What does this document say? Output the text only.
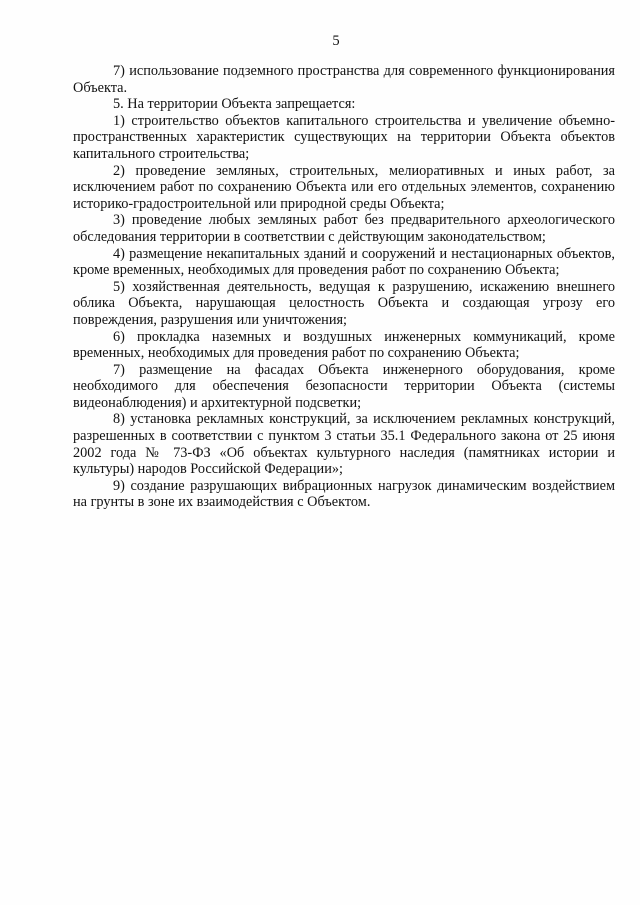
5

7) использование подземного пространства для современного функционирования Объекта.

5. На территории Объекта запрещается:

1) строительство объектов капитального строительства и увеличение объемно-пространственных характеристик существующих на территории Объекта объектов капитального строительства;

2) проведение земляных, строительных, мелиоративных и иных работ, за исключением работ по сохранению Объекта или его отдельных элементов, сохранению историко-градостроительной или природной среды Объекта;

3) проведение любых земляных работ без предварительного археологического обследования территории в соответствии с действующим законодательством;

4) размещение некапитальных зданий и сооружений и нестационарных объектов, кроме временных, необходимых для проведения работ по сохранению Объекта;

5) хозяйственная деятельность, ведущая к разрушению, искажению внешнего облика Объекта, нарушающая целостность Объекта и создающая угрозу его повреждения, разрушения или уничтожения;

6) прокладка наземных и воздушных инженерных коммуникаций, кроме временных, необходимых для проведения работ по сохранению Объекта;

7) размещение на фасадах Объекта инженерного оборудования, кроме необходимого для обеспечения безопасности территории Объекта (системы видеонаблюдения) и архитектурной подсветки;

8) установка рекламных конструкций, за исключением рекламных конструкций, разрешенных в соответствии с пунктом 3 статьи 35.1 Федерального закона от 25 июня 2002 года № 73-ФЗ «Об объектах культурного наследия (памятниках истории и культуры) народов Российской Федерации»;

9) создание разрушающих вибрационных нагрузок динамическим воздействием на грунты в зоне их взаимодействия с Объектом.
